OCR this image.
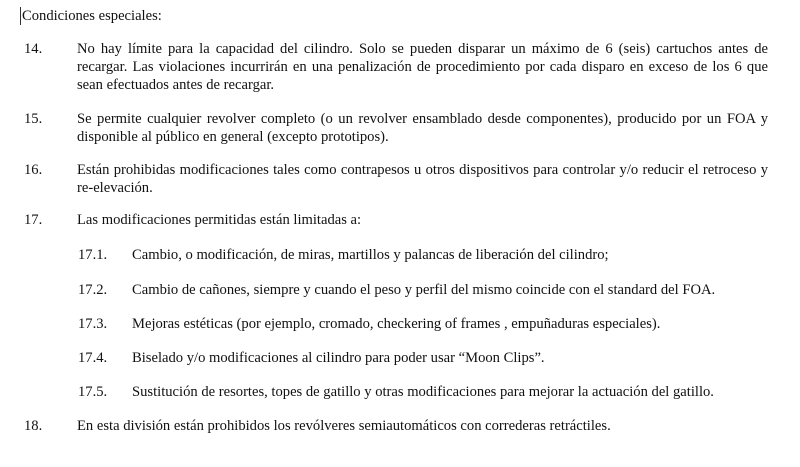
Condiciones especiales:
14. No hay límite para la capacidad del cilindro. Solo se pueden disparar un máximo de 6 (seis) cartuchos antes de recargar. Las violaciones incurrirán en una penalización de procedimiento por cada disparo en exceso de los 6 que sean efectuados antes de recargar.
15. Se permite cualquier revolver completo (o un revolver ensamblado desde componentes), producido por un FOA y disponible al público en general (excepto prototipos).
16. Están prohibidas modificaciones tales como contrapesos u otros dispositivos para controlar y/o reducir el retroceso y re-elevación.
17. Las modificaciones permitidas están limitadas a:
17.1. Cambio, o modificación, de miras, martillos y palancas de liberación del cilindro;
17.2. Cambio de cañones, siempre y cuando el peso y perfil del mismo coincide con el standard del FOA.
17.3. Mejoras estéticas (por ejemplo, cromado, checkering of frames , empuñaduras especiales).
17.4. Biselado y/o modificaciones al cilindro para poder usar “Moon Clips”.
17.5. Sustitución de resortes, topes de gatillo y otras modificaciones para mejorar la actuación del gatillo.
18. En esta división están prohibidos los revólveres semiautomáticos con correderas retráctiles.
